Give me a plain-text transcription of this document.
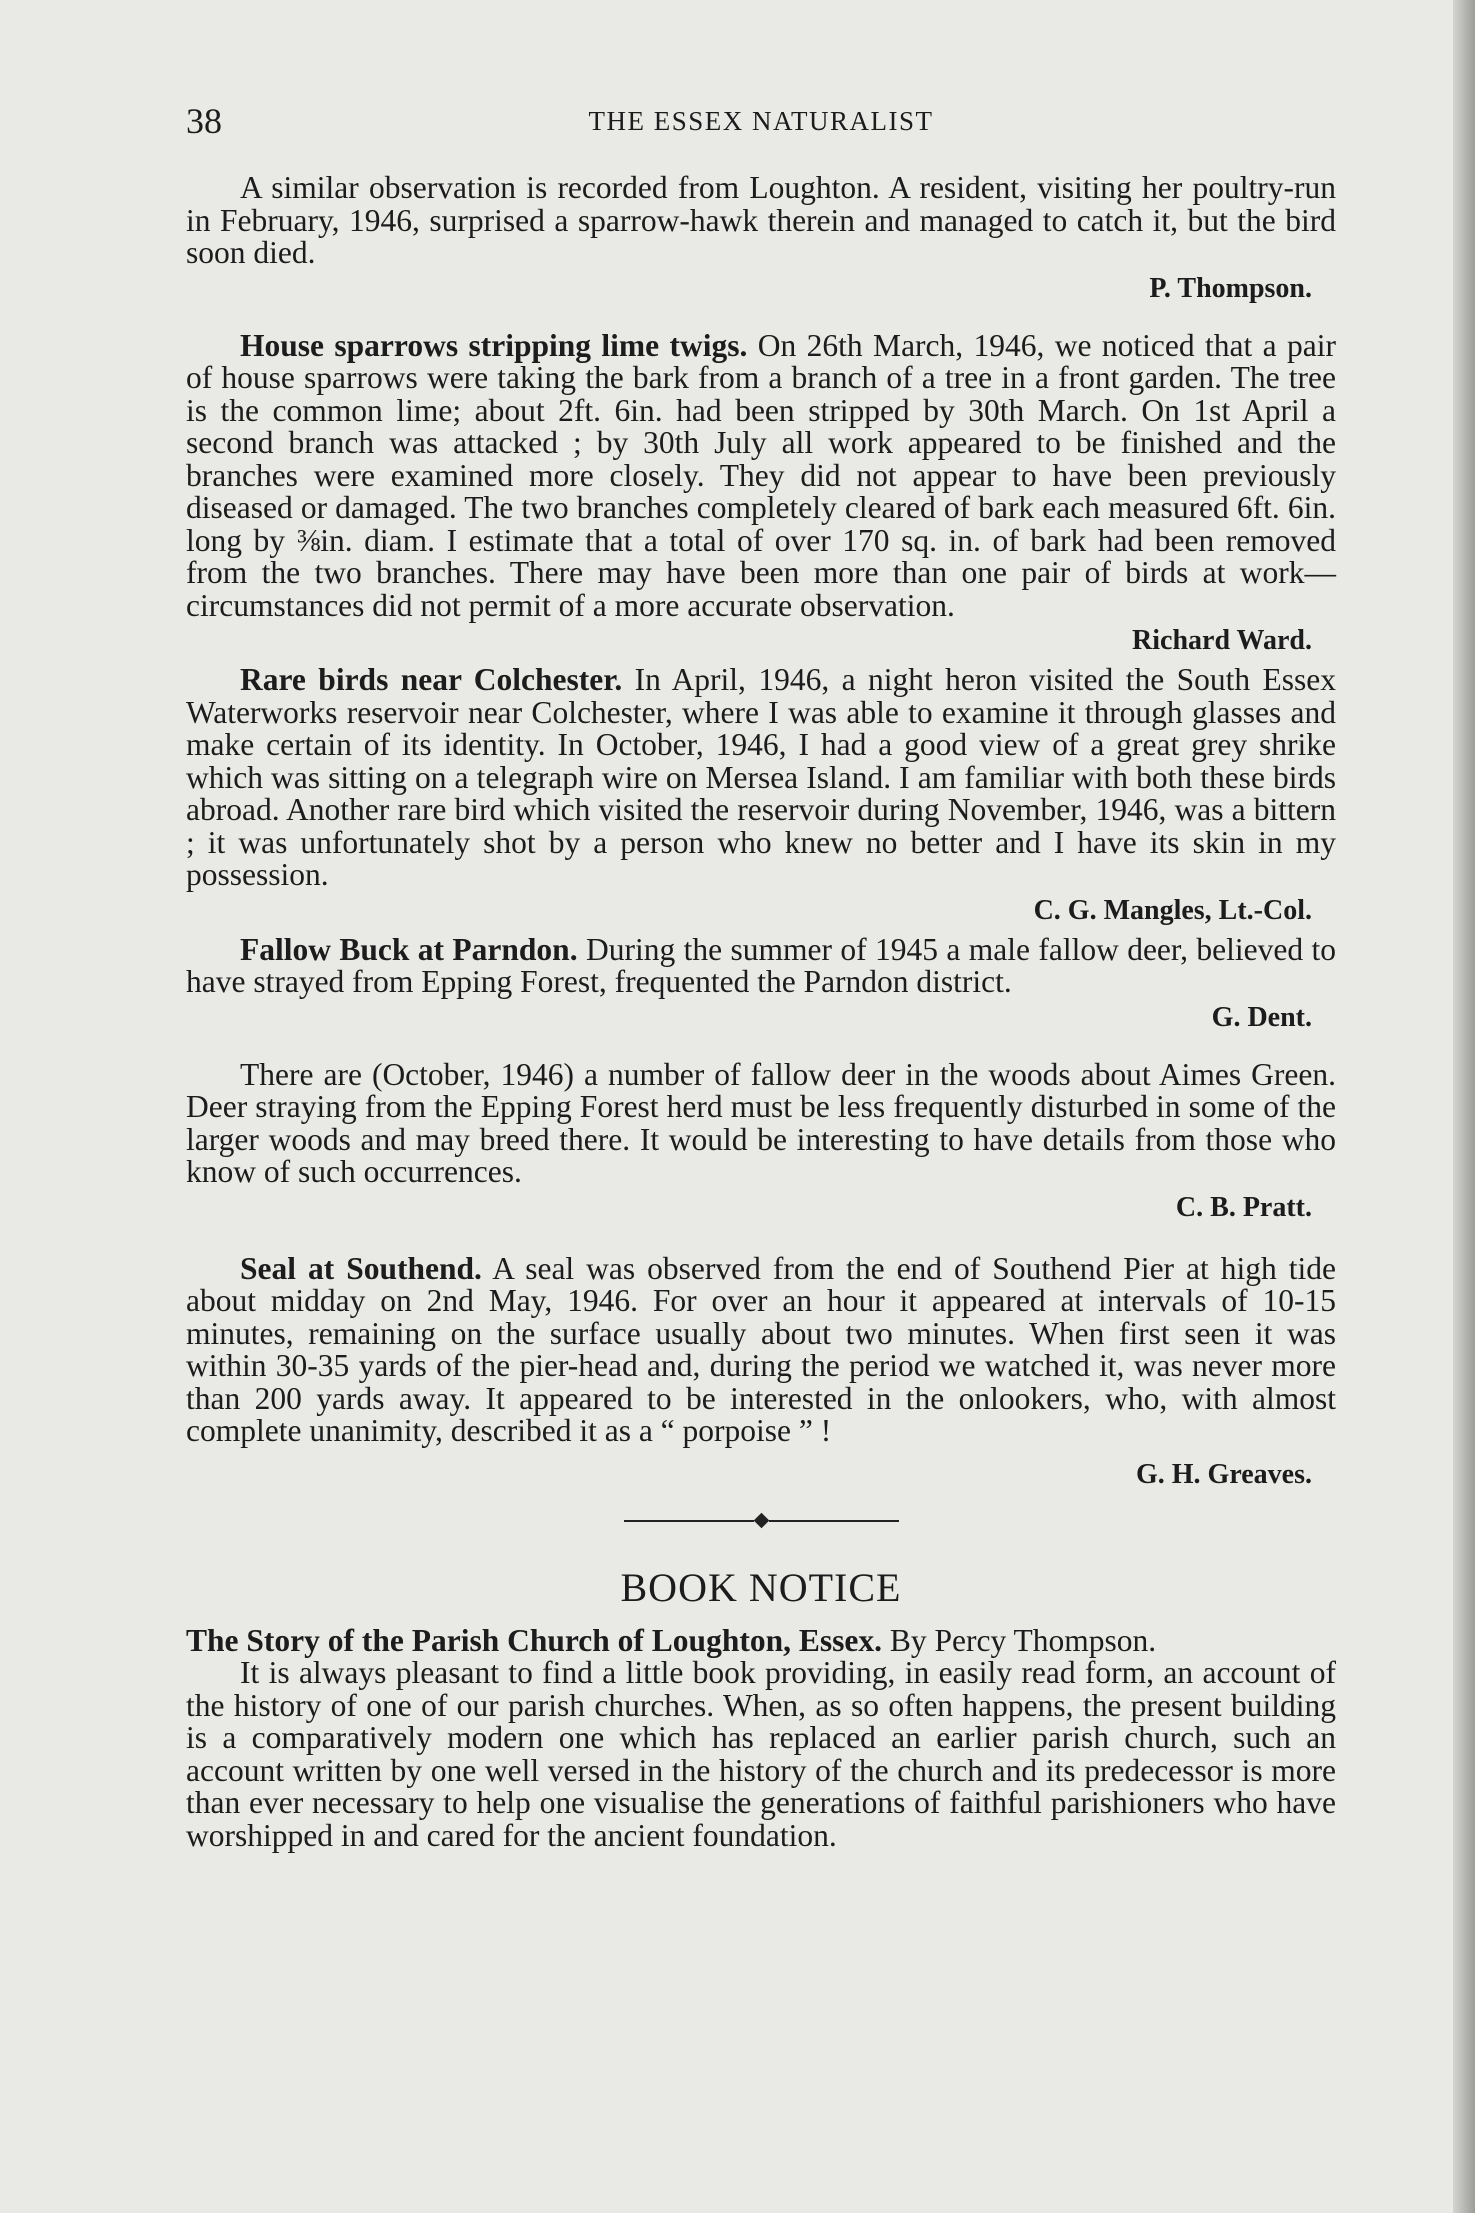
38	THE ESSEX NATURALIST

A similar observation is recorded from Loughton. A resident, visiting her poultry-run in February, 1946, surprised a sparrow-hawk therein and managed to catch it, but the bird soon died.

P. Thompson.

House sparrows stripping lime twigs. On 26th March, 1946, we noticed that a pair of house sparrows were taking the bark from a branch of a tree in a front garden. The tree is the common lime; about 2ft. 6in. had been stripped by 30th March. On 1st April a second branch was attacked ; by 30th July all work appeared to be finished and the branches were examined more closely. They did not appear to have been previously diseased or damaged. The two branches completely cleared of bark each measured 6ft. 6in. long by ⅜in. diam. I estimate that a total of over 170 sq. in. of bark had been removed from the two branches. There may have been more than one pair of birds at work—circumstances did not permit of a more accurate observation.

Richard Ward.

Rare birds near Colchester. In April, 1946, a night heron visited the South Essex Waterworks reservoir near Colchester, where I was able to examine it through glasses and make certain of its identity. In October, 1946, I had a good view of a great grey shrike which was sitting on a telegraph wire on Mersea Island. I am familiar with both these birds abroad. Another rare bird which visited the reservoir during November, 1946, was a bittern ; it was unfortunately shot by a person who knew no better and I have its skin in my possession.

C. G. Mangles, Lt.-Col.

Fallow Buck at Parndon. During the summer of 1945 a male fallow deer, believed to have strayed from Epping Forest, frequented the Parndon district.

G. Dent.

There are (October, 1946) a number of fallow deer in the woods about Aimes Green. Deer straying from the Epping Forest herd must be less frequently disturbed in some of the larger woods and may breed there. It would be interesting to have details from those who know of such occurrences.

C. B. Pratt.

Seal at Southend. A seal was observed from the end of Southend Pier at high tide about midday on 2nd May, 1946. For over an hour it appeared at intervals of 10-15 minutes, remaining on the surface usually about two minutes. When first seen it was within 30-35 yards of the pier-head and, during the period we watched it, was never more than 200 yards away. It appeared to be interested in the onlookers, who, with almost complete unanimity, described it as a “ porpoise ” !

G. H. Greaves.
BOOK NOTICE

The Story of the Parish Church of Loughton, Essex. By Percy Thompson.

It is always pleasant to find a little book providing, in easily read form, an account of the history of one of our parish churches. When, as so often happens, the present building is a comparatively modern one which has replaced an earlier parish church, such an account written by one well versed in the history of the church and its predecessor is more than ever necessary to help one visualise the generations of faithful parishioners who have worshipped in and cared for the ancient foundation.
